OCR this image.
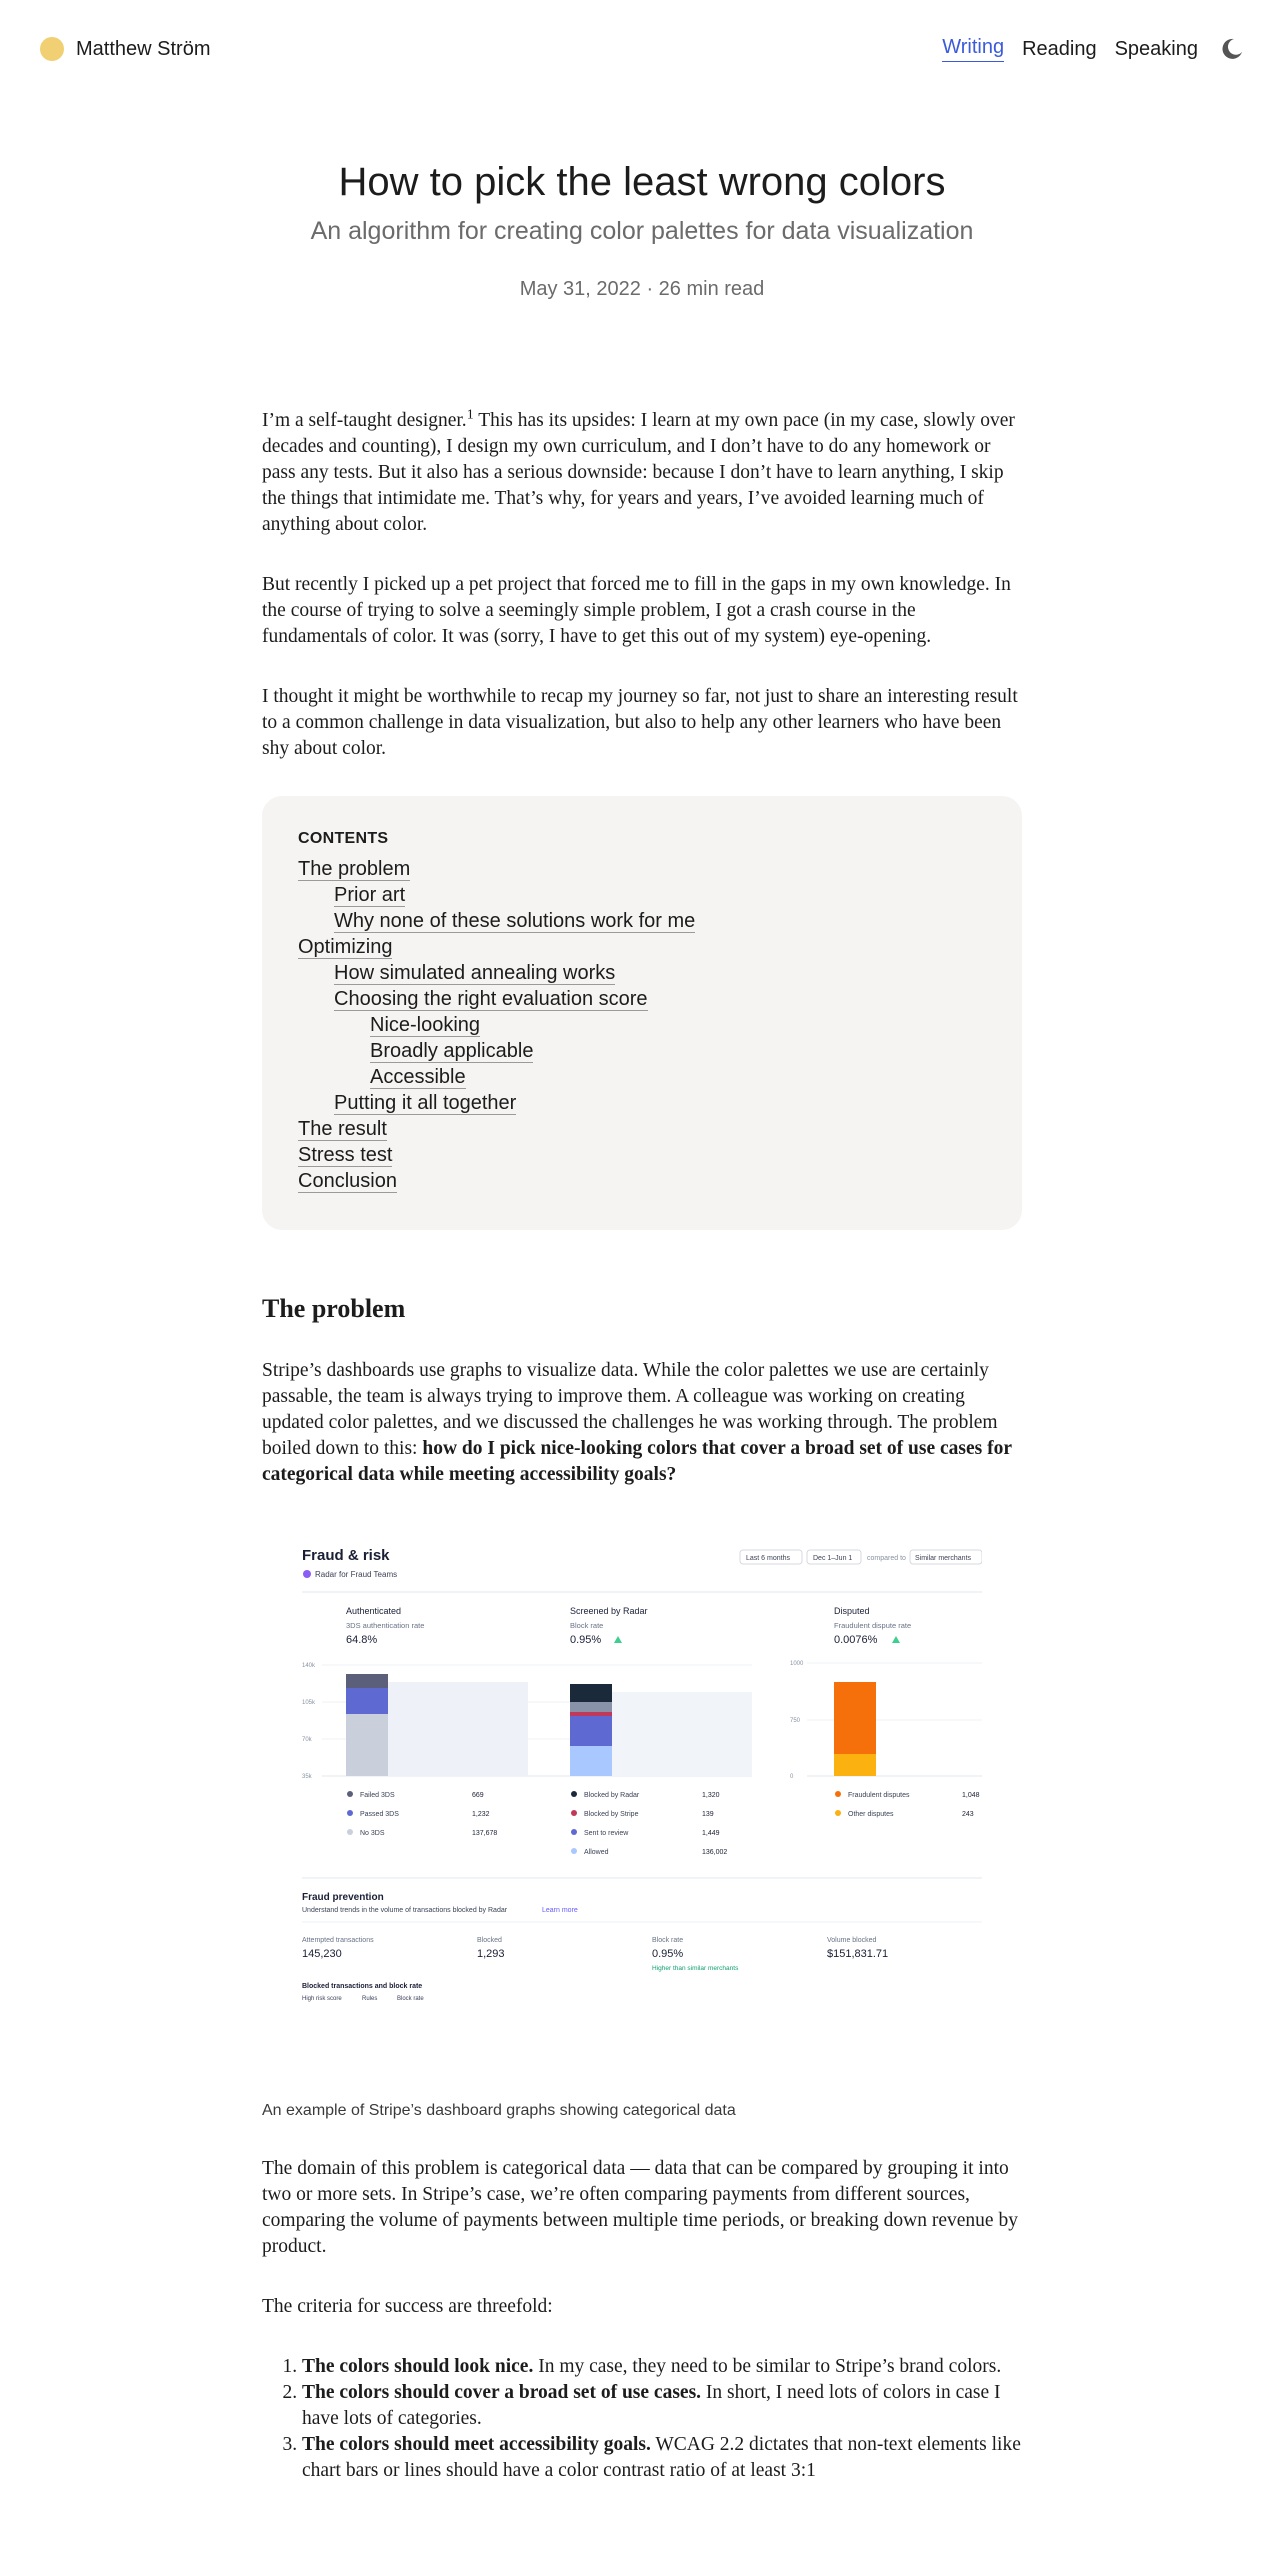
Matthew Ström	Writing Reading Speaking
How to pick the least wrong colors
An algorithm for creating color palettes for data visualization
May 31, 2022 · 26 min read

I’m a self-taught designer.$^1$ This has its upsides: I learn at my own pace (in my case, slowly over decades and counting), I design my own curriculum, and I don’t have to do any homework or pass any tests. But it also has a serious downside: because I don’t have to learn anything, I skip the things that intimidate me. That’s why, for years and years, I’ve avoided learning much of anything about color.

But recently I picked up a pet project that forced me to fill in the gaps in my own knowledge. In the course of trying to solve a seemingly simple problem, I got a crash course in the fundamentals of color. It was (sorry, I have to get this out of my system) eye-opening.

I thought it might be worthwhile to recap my journey so far, not just to share an interesting result to a common challenge in data visualization, but also to help any other learners who have been shy about color.

CONTENTS
The problem
Prior art
Why none of these solutions work for me
Optimizing
How simulated annealing works
Choosing the right evaluation score
Nice-looking
Broadly applicable
Accessible
Putting it all together
The result
Stress test
Conclusion
The problem

Stripe’s dashboards use graphs to visualize data. While the color palettes we use are certainly passable, the team is always trying to improve them. A colleague was working on creating updated color palettes, and we discussed the challenges he was working through. The problem boiled down to this: how do I pick nice-looking colors that cover a broad set of use cases for categorical data while meeting accessibility goals?

Fraud & risk
Radar for Fraud Teams
Last 6 months	Dec 1–Jun 1 compared to Similar merchants
Authenticated
3DS authentication rate
64.8%
Screened by Radar
Block rate
0.95%
Disputed
Fraudulent dispute rate
0.0076%
140k
105k
70k
35k
1000
750
0
Failed 3DS	669
Passed 3DS	1,232
No 3DS	137,678
Blocked by Radar	1,320
Blocked by Stripe	139
Sent to review	1,449
Allowed	136,002
Fraudulent disputes	1,048
Other disputes	243
Fraud prevention
Understand trends in the volume of transactions blocked by Radar	Learn more
Attempted transactions
145,230
Blocked
1,293
Block rate
0.95%
Higher than similar merchants
Volume blocked
$151,831.71
Blocked transactions and block rate
High risk score	Rules	Block rate
An example of Stripe’s dashboard graphs showing categorical data

The domain of this problem is categorical data — data that can be compared by grouping it into two or more sets. In Stripe’s case, we’re often comparing payments from different sources, comparing the volume of payments between multiple time periods, or breaking down revenue by product.

The criteria for success are threefold:

1. The colors should look nice. In my case, they need to be similar to Stripe’s brand colors.
2. The colors should cover a broad set of use cases. In short, I need lots of colors in case I have lots of categories.
3. The colors should meet accessibility goals. WCAG 2.2 dictates that non-text elements like chart bars or lines should have a color contrast ratio of at least 3:1
